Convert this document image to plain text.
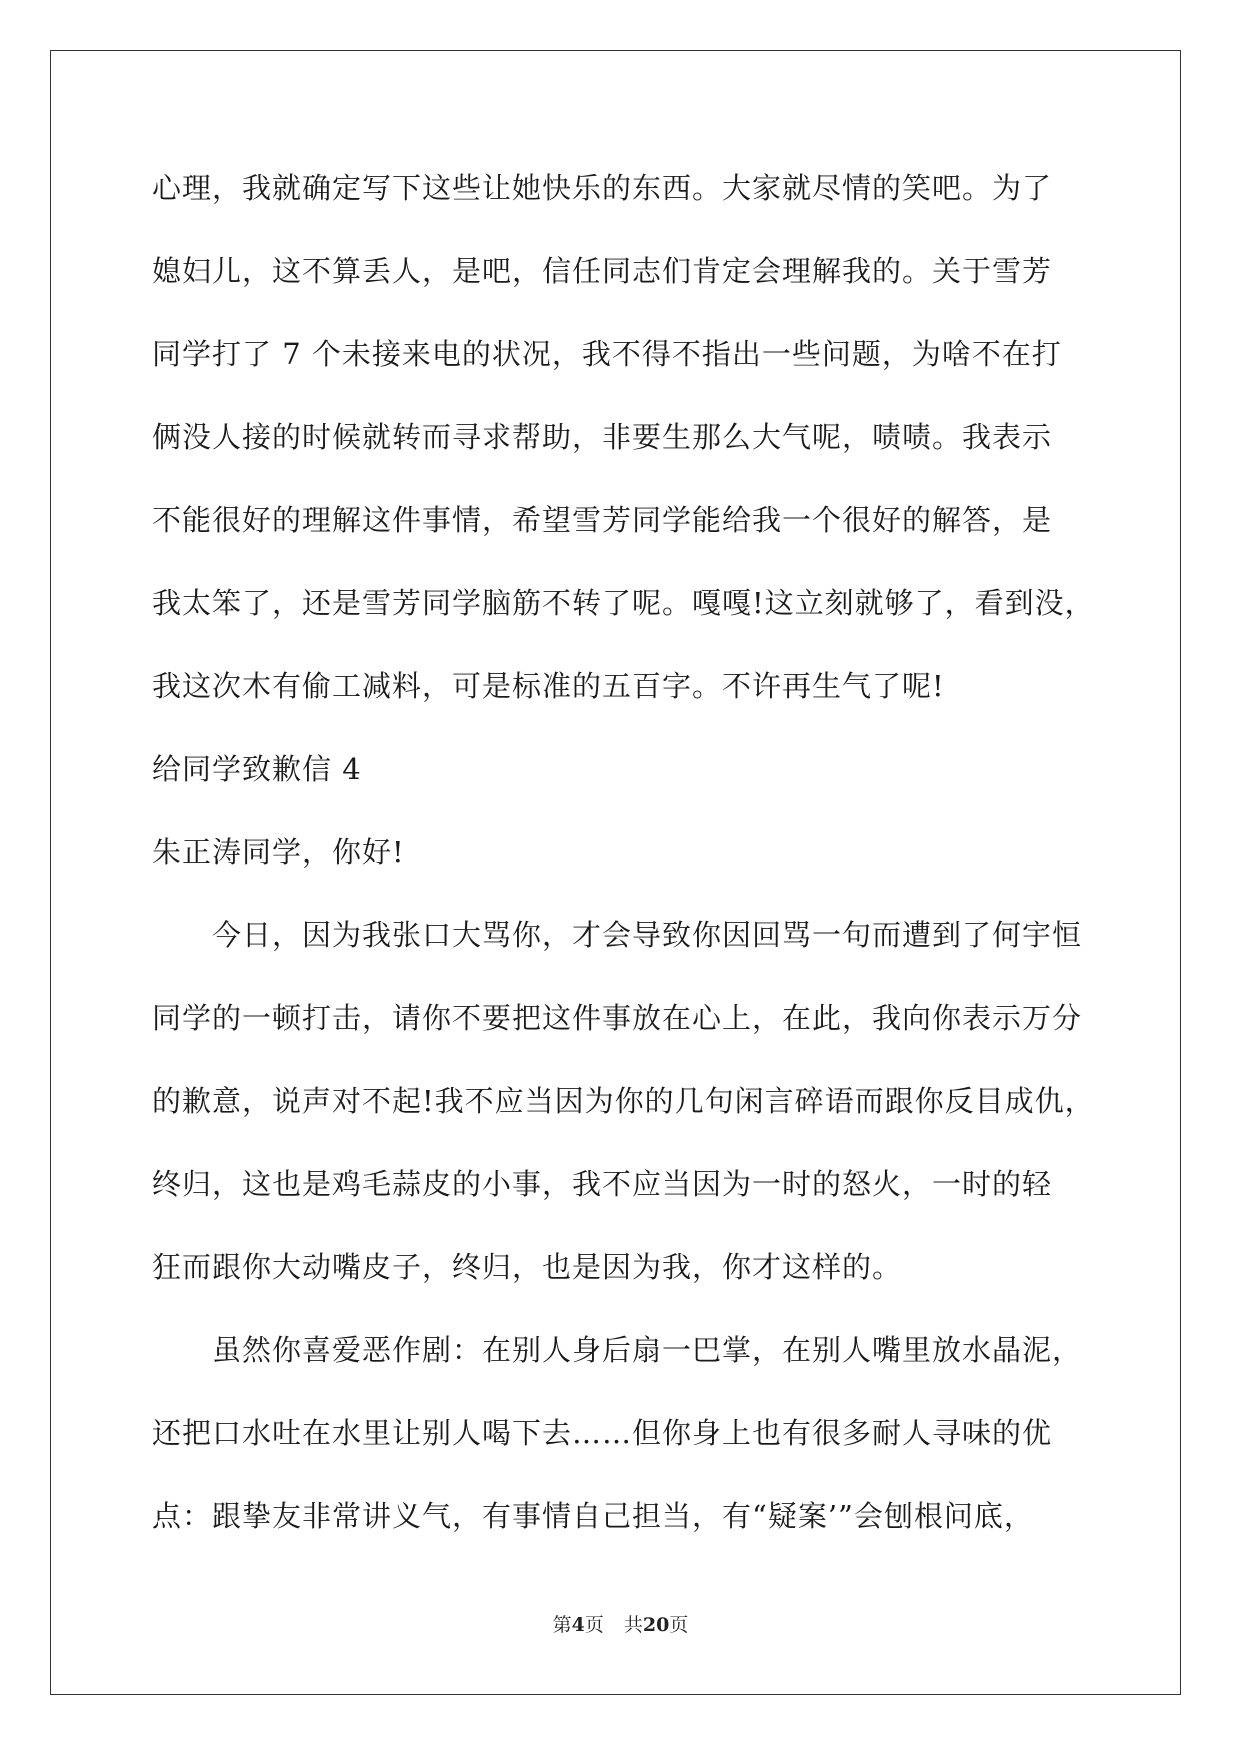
心理，我就确定写下这些让她快乐的东西。大家就尽情的笑吧。为了
媳妇儿，这不算丢人，是吧，信任同志们肯定会理解我的。关于雪芳
同学打了 7 个未接来电的状况，我不得不指出一些问题，为啥不在打
俩没人接的时候就转而寻求帮助，非要生那么大气呢，啧啧。我表示
不能很好的理解这件事情，希望雪芳同学能给我一个很好的解答，是
我太笨了，还是雪芳同学脑筋不转了呢。嘎嘎!这立刻就够了，看到没，
我这次木有偷工减料，可是标准的五百字。不许再生气了呢!
给同学致歉信 4
朱正涛同学，你好!
今日，因为我张口大骂你，才会导致你因回骂一句而遭到了何宇恒
同学的一顿打击，请你不要把这件事放在心上，在此，我向你表示万分
的歉意，说声对不起!我不应当因为你的几句闲言碎语而跟你反目成仇，
终归，这也是鸡毛蒜皮的小事，我不应当因为一时的怒火，一时的轻
狂而跟你大动嘴皮子，终归，也是因为我，你才这样的。
虽然你喜爱恶作剧：在别人身后扇一巴掌，在别人嘴里放水晶泥，
还把口水吐在水里让别人喝下去……但你身上也有很多耐人寻味的优
点：跟挚友非常讲义气，有事情自己担当，有“疑案’”会刨根问底，
第4页 共20页
